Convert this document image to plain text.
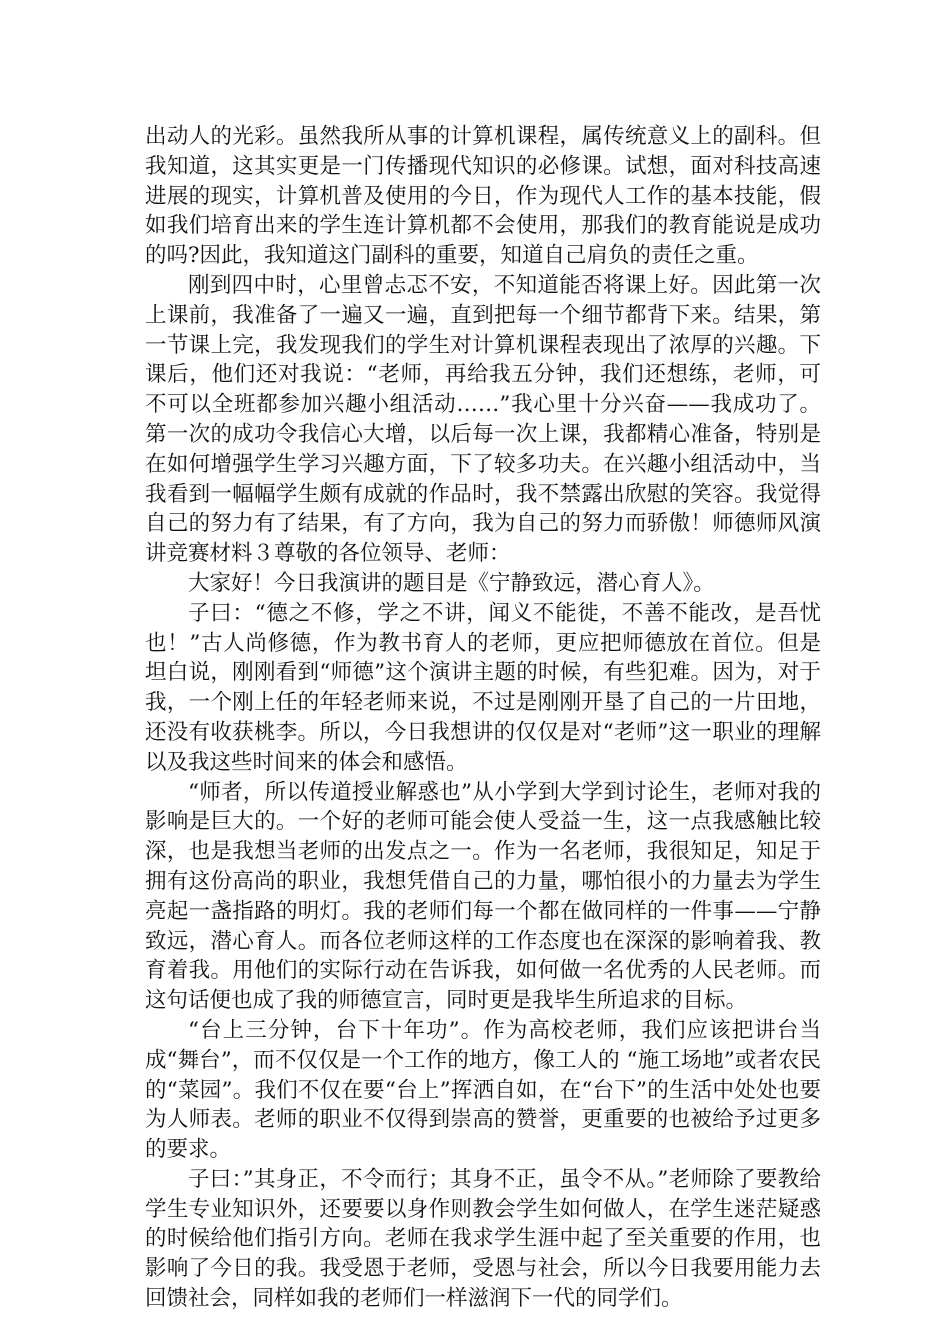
出动人的光彩。虽然我所从事的计算机课程，属传统意义上的副科。但我知道，这其实更是一门传播现代知识的必修课。试想，面对科技高速进展的现实，计算机普及使用的今日，作为现代人工作的基本技能，假如我们培育出来的学生连计算机都不会使用，那我们的教育能说是成功的吗?因此，我知道这门副科的重要，知道自己肩负的责任之重。

刚到四中时，心里曾忐忑不安，不知道能否将课上好。因此第一次上课前，我准备了一遍又一遍，直到把每一个细节都背下来。结果，第一节课上完，我发现我们的学生对计算机课程表现出了浓厚的兴趣。下课后，他们还对我说：“老师，再给我五分钟，我们还想练，老师，可不可以全班都参加兴趣小组活动……”我心里十分兴奋——我成功了。第一次的成功令我信心大增，以后每一次上课，我都精心准备，特别是在如何增强学生学习兴趣方面，下了较多功夫。在兴趣小组活动中，当我看到一幅幅学生颇有成就的作品时，我不禁露出欣慰的笑容。我觉得自己的努力有了结果，有了方向，我为自己的努力而骄傲！师德师风演讲竞赛材料３尊敬的各位领导、老师：

大家好！今日我演讲的题目是《宁静致远，潜心育人》。

子曰：“德之不修，学之不讲，闻义不能徙，不善不能改，是吾忧也！”古人尚修德，作为教书育人的老师，更应把师德放在首位。但是坦白说，刚刚看到“师德”这个演讲主题的时候，有些犯难。因为，对于我，一个刚上任的年轻老师来说，不过是刚刚开垦了自己的一片田地，还没有收获桃李。所以，今日我想讲的仅仅是对“老师”这一职业的理解以及我这些时间来的体会和感悟。

“师者，所以传道授业解惑也”从小学到大学到讨论生，老师对我的影响是巨大的。一个好的老师可能会使人受益一生，这一点我感触比较深，也是我想当老师的出发点之一。作为一名老师，我很知足，知足于拥有这份高尚的职业，我想凭借自己的力量，哪怕很小的力量去为学生亮起一盏指路的明灯。我的老师们每一个都在做同样的一件事——宁静致远，潜心育人。而各位老师这样的工作态度也在深深的影响着我、教育着我。用他们的实际行动在告诉我，如何做一名优秀的人民老师。而这句话便也成了我的师德宣言，同时更是我毕生所追求的目标。

“台上三分钟，台下十年功”。作为高校老师，我们应该把讲台当成“舞台”，而不仅仅是一个工作的地方，像工人的 “施工场地”或者农民的“菜园”。我们不仅在要“台上”挥洒自如，在“台下”的生活中处处也要为人师表。老师的职业不仅得到崇高的赞誉，更重要的也被给予过更多的要求。

子曰：”其身正，不令而行；其身不正，虽令不从。”老师除了要教给学生专业知识外，还要要以身作则教会学生如何做人，在学生迷茫疑惑的时候给他们指引方向。老师在我求学生涯中起了至关重要的作用，也影响了今日的我。我受恩于老师，受恩与社会，所以今日我要用能力去回馈社会，同样如我的老师们一样滋润下一代的同学们。
